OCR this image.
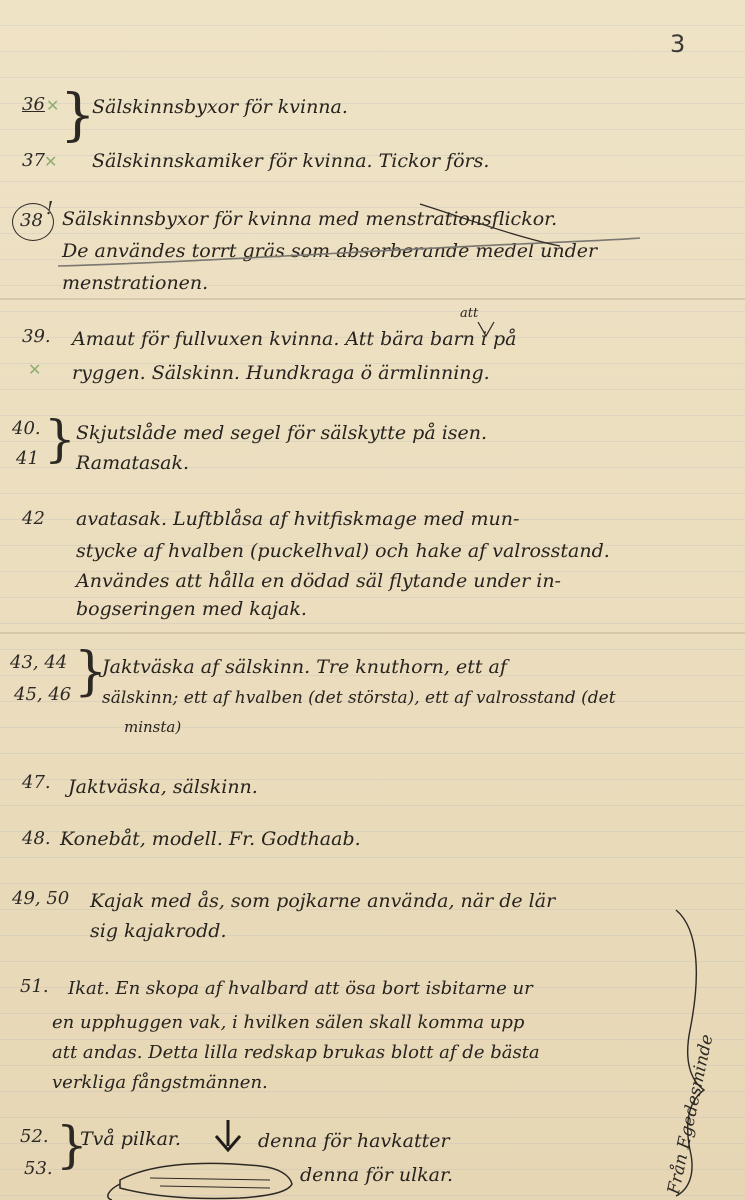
3
36 ✕ }
Sälskinnsbyxor för kvinna.
37 ✕ Sälskinnskamiker för kvinna. Tickor förs.
38
! Sälskinnsbyxor för kvinna med menstrationsflickor.
De användes torrt gräs som absorberande medel under
menstrationen.
39.
✕
att
Amaut för fullvuxen kvinna. Att bära barn i på
ryggen. Sälskinn. Hundkraga ö ärmlinning.
40.
41 } Skjutslåde med segel för sälskytte på isen.
Ramatasak.
42 avatasak. Luftblåsa af hvitfiskmage med mun-
stycke af hvalben (puckelhval) och hake af valrosstand.
Användes att hålla en dödad säl flytande under in-
bogseringen med kajak.
43, 44
45, 46 }
Jaktväska af sälskinn. Tre knuthorn, ett af
sälskinn; ett af hvalben (det största), ett af valrosstand (det
minsta)
47. Jaktväska, sälskinn.
48. Konebåt, modell. Fr. Godthaab.
49, 50 Kajak med ås, som pojkarne använda, när de lär
sig kajakrodd.
51. Ikat. En skopa af hvalbard att ösa bort isbitarne ur
en upphuggen vak, i hvilken sälen skall komma upp
att andas. Detta lilla redskap brukas blott af de bästa
verkliga fångstmännen.
52.
53. }
Två pilkar.	denna för havkatter
denna för ulkar.	Från Egedesminde
